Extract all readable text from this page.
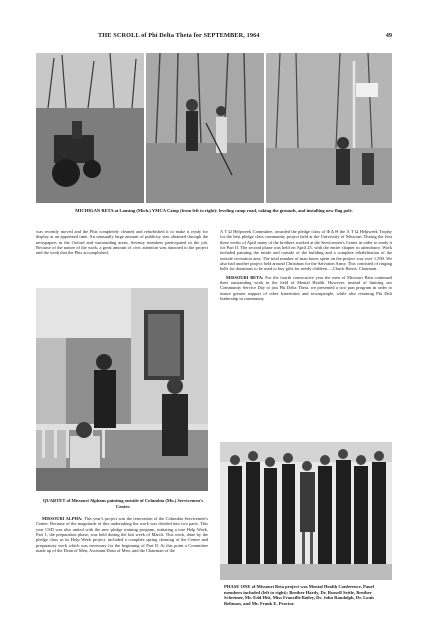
THE SCROLL of Phi Delta Theta for SEPTEMBER, 1964	49
MICHIGAN BETA at Lansing (Mich.) YMCA Camp (from left to right): leveling camp road, raking the grounds, and installing new flag pole.

was recently moved and the Phis completely cleaned and refurbished it to make it ready for display at an appointed time. An unusually large amount of publicity was obtained through the newspapers in the Oxford and surrounding areas. Seventy members participated in the job. Because of the nature of the work, a great amount of civic attention was attracted to the project and the work that the Phis accomplished.

QUARTET of Missouri Alphans painting outside of Columbia (Mo.) Servicemen's Center.

MISSOURI ALPHA: This year's project was the renovation of the Columbia Servicemen's Center. Because of the magnitude of this undertaking the work was divided into two parts. This year CSD was also united with the new pledge training program, initiating a true Help Week, Part 1, the preparation phase, was held during the last week of March. This work, done by the pledge class as its Help Week project, included a complete spring cleaning of the Center and preparatory work which was necessary for the beginning of Part II. At this point a Committee made up of the Dean of Men, Assistant Dean of Men, and the Chairman of the

Λ Τ Ω Helpweek Committee, awarded the pledge class of Φ Δ Θ the Λ Τ Ω Helpweek Trophy for the best pledge class community project held at the University of Missouri. During the first three weeks of April many of the brothers worked at the Servicemen's Center in order to ready it for Part II. The second phase was held on April 25, with the entire chapter in attendance. Work included painting the inside and outside of the building and a complete rehabilitation of the outside recreation area. The total number of man hours spent on the project was over 1,500. We also had another project held around Christmas for the Salvation Army. This consisted of ringing bells for donations to be used to buy gifts for needy children.—Chuck Harris, Chairman.

MISSOURI BETA: For the fourth consecutive year the men of Missouri Beta continued their outstanding work in the field of Mental Health. However, instead of limiting our Community Service Day to just Phi Delta Theta, we presented a two part program in order to insure greater support of other fraternities and townspeople, while also retaining Phi Delt leadership in community

PHASE ONE of Missouri Beta project was Mental Health Conference. Panel members included (left to right): Brother Hardy, Dr. Russell Settle, Brother Schreiner, Mr. Edd Hitt, Miss Francille Bailey, Dr. John Randolph, Dr. Louis Belinson, and Mr. Frank E. Proctor.
